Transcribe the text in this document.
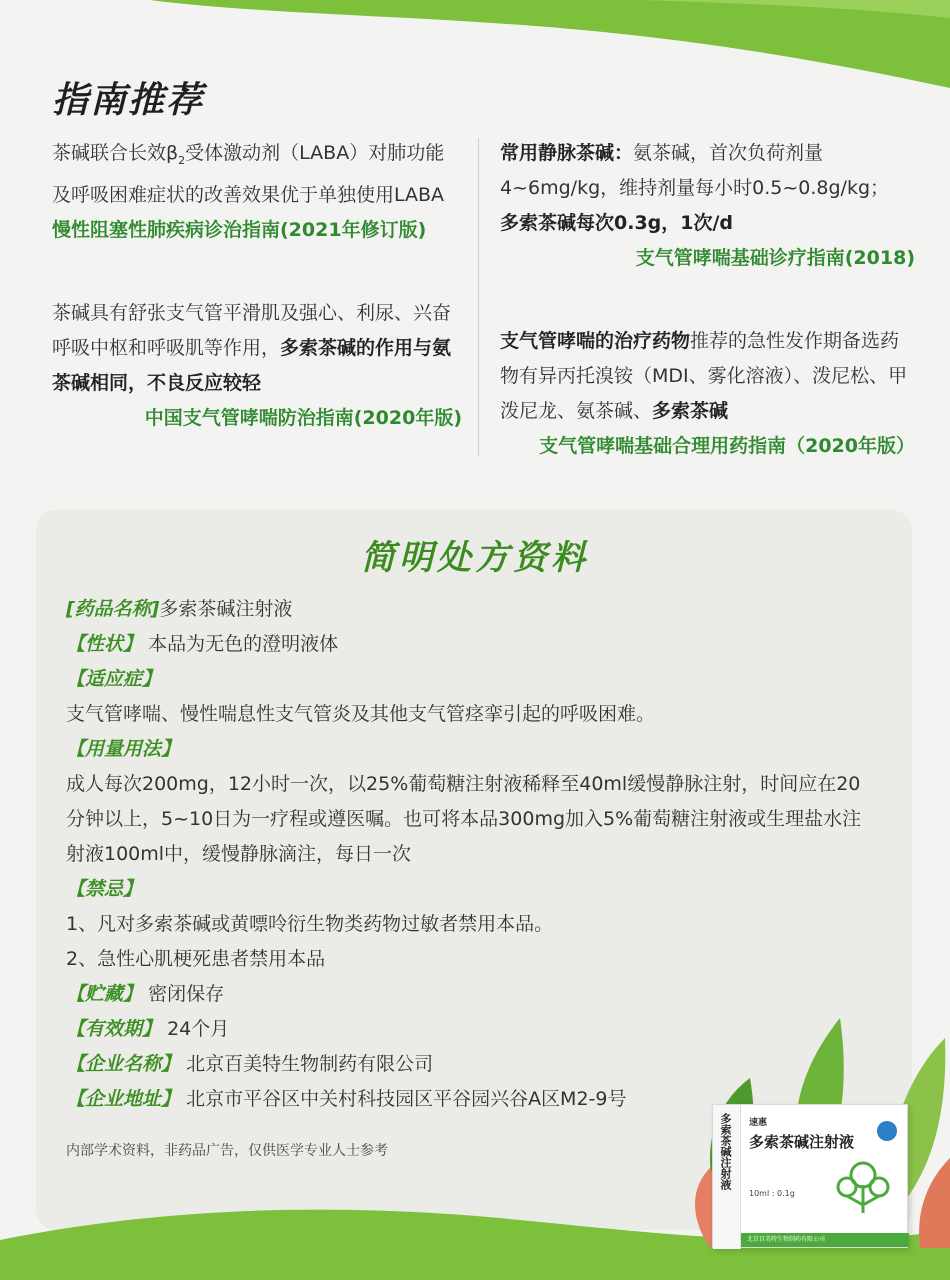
指南推荐

茶碱联合长效$\beta_2$受体激动剂（LABA）对肺功能及呼吸困难症状的改善效果优于单独使用LABA

慢性阻塞性肺疾病诊治指南(2021年修订版)

茶碱具有舒张支气管平滑肌及强心、利尿、兴奋呼吸中枢和呼吸肌等作用，多索茶碱的作用与氨茶碱相同，不良反应较轻

中国支气管哮喘防治指南(2020年版)

常用静脉茶碱：氨茶碱，首次负荷剂量4~6mg/kg，维持剂量每小时0.5~0.8g/kg；
多索茶碱每次0.3g，1次/d

支气管哮喘基础诊疗指南(2018)

支气管哮喘的治疗药物推荐的急性发作期备选药物有异丙托溴铵（MDI、雾化溶液）、泼尼松、甲泼尼龙、氨茶碱、多索茶碱

支气管哮喘基础合理用药指南（2020年版）

简明处方资料
[药品名称]多索茶碱注射液
【性状】 本品为无色的澄明液体
【适应症】
支气管哮喘、慢性喘息性支气管炎及其他支气管痉挛引起的呼吸困难。
【用量用法】
成人每次200mg，12小时一次，以25%葡萄糖注射液稀释至40ml缓慢静脉注射，时间应在20分钟以上，5~10日为一疗程或遵医嘱。也可将本品300mg加入5%葡萄糖注射液或生理盐水注射液100ml中，缓慢静脉滴注，每日一次
【禁忌】
1、凡对多索茶碱或黄嘌呤衍生物类药物过敏者禁用本品。
2、急性心肌梗死患者禁用本品
【贮藏】 密闭保存
【有效期】 24个月
【企业名称】 北京百美特生物制药有限公司
【企业地址】 北京市平谷区中关村科技园区平谷园兴谷A区M2-9号
内部学术资料，非药品广告，仅供医学专业人士参考	多索茶碱注射液 速惠
多索茶碱注射液
10ml : 0.1g
北京百美特生物制药有限公司
